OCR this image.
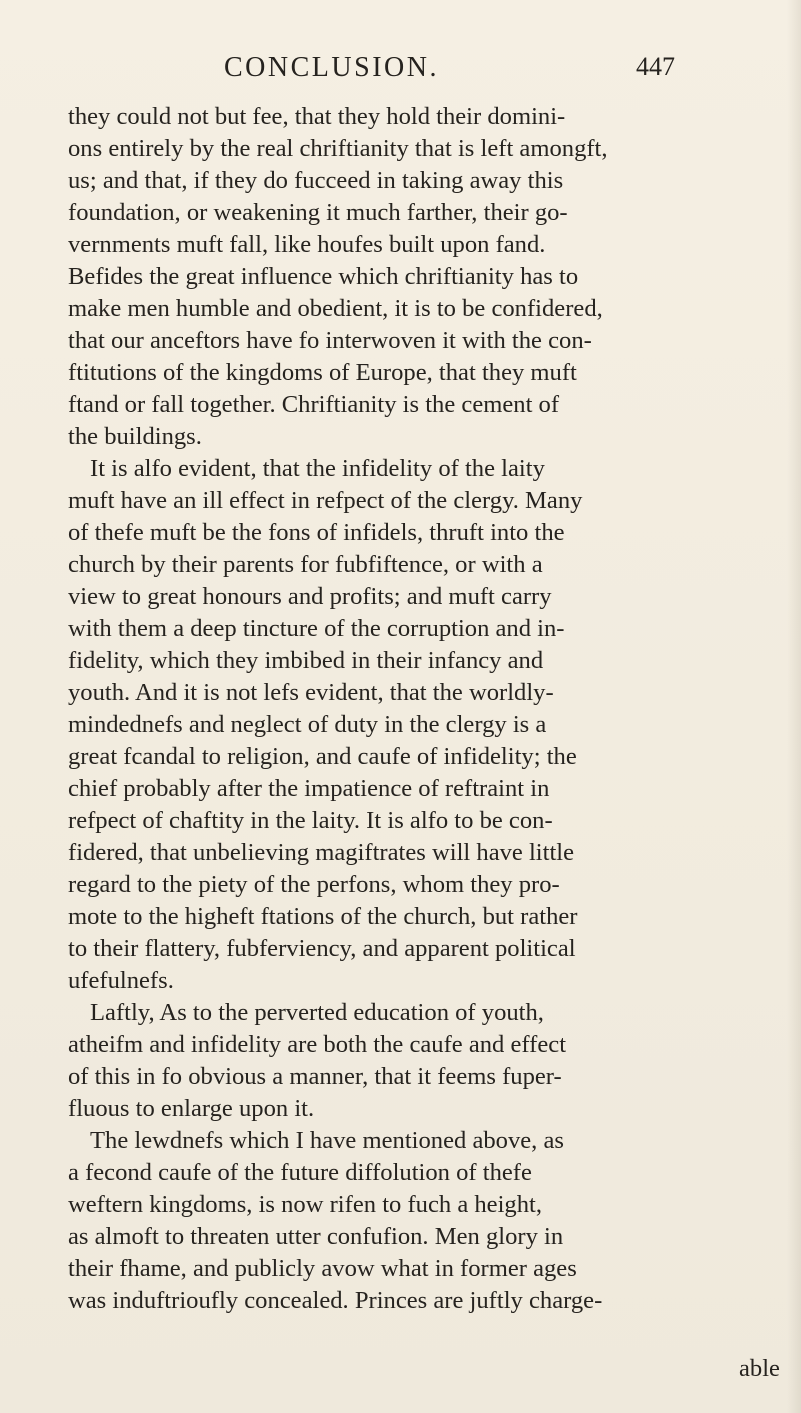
CONCLUSION.	447
they could not but fee, that they hold their domini-
ons entirely by the real chriftianity that is left amongft,
us; and that, if they do fucceed in taking away this
foundation, or weakening it much farther, their go-
vernments muft fall, like houfes built upon fand.
Befides the great influence which chriftianity has to
make men humble and obedient, it is to be confidered,
that our anceftors have fo interwoven it with the con-
ftitutions of the kingdoms of Europe, that they muft
ftand or fall together. Chriftianity is the cement of
the buildings.
It is alfo evident, that the infidelity of the laity
muft have an ill effect in refpect of the clergy. Many
of thefe muft be the fons of infidels, thruft into the
church by their parents for fubfiftence, or with a
view to great honours and profits; and muft carry
with them a deep tincture of the corruption and in-
fidelity, which they imbibed in their infancy and
youth. And it is not lefs evident, that the worldly-
mindednefs and neglect of duty in the clergy is a
great fcandal to religion, and caufe of infidelity; the
chief probably after the impatience of reftraint in
refpect of chaftity in the laity. It is alfo to be con-
fidered, that unbelieving magiftrates will have little
regard to the piety of the perfons, whom they pro-
mote to the higheft ftations of the church, but rather
to their flattery, fubferviency, and apparent political
ufefulnefs.
Laftly, As to the perverted education of youth,
atheifm and infidelity are both the caufe and effect
of this in fo obvious a manner, that it feems fuper-
fluous to enlarge upon it.
The lewdnefs which I have mentioned above, as
a fecond caufe of the future diffolution of thefe
weftern kingdoms, is now rifen to fuch a height,
as almoft to threaten utter confufion. Men glory in
their fhame, and publicly avow what in former ages
was induftrioufly concealed. Princes are juftly charge-
able
